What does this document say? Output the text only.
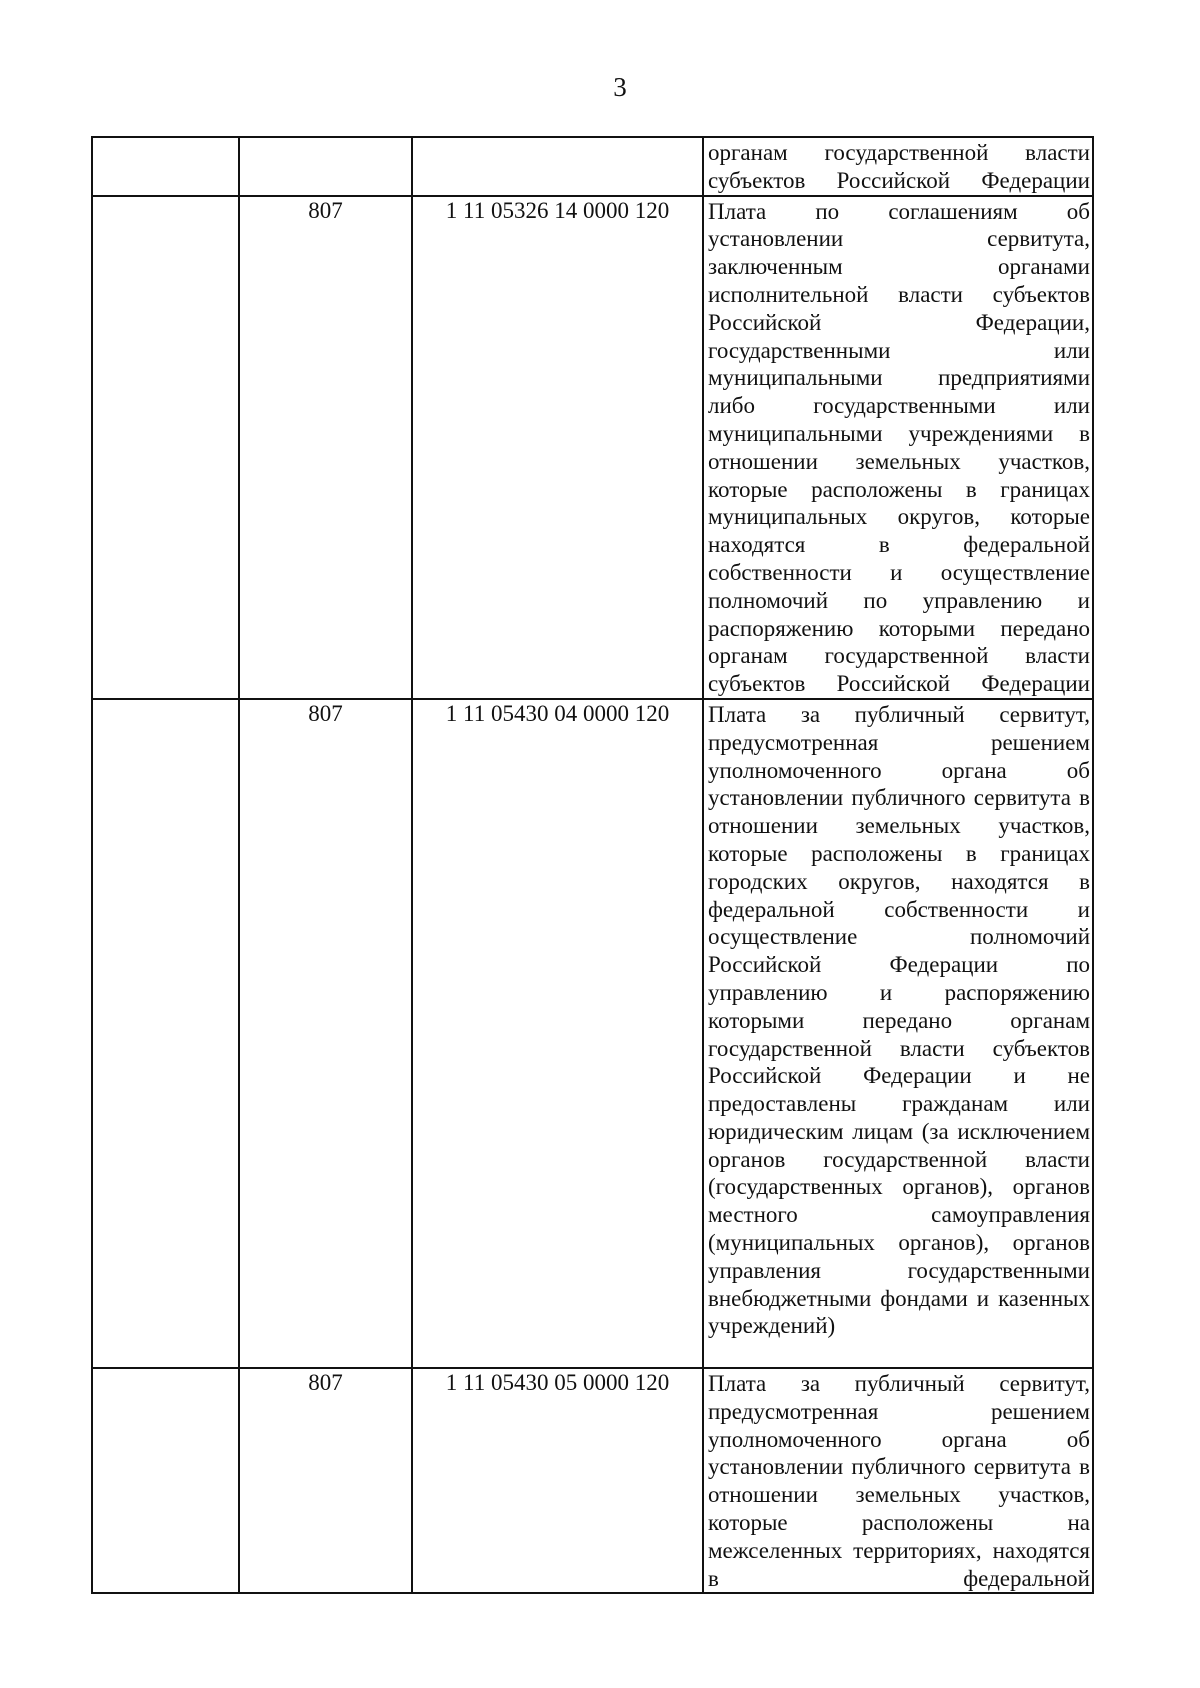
3

			органам государственной власти субъектов Российской Федерации

	807	1 11 05326 14 0000 120	Плата по соглашениям об установлении сервитута, заключенным органами исполнительной власти субъектов Российской Федерации, государственными или муниципальными предприятиями либо государственными или муниципальными учреждениями в отношении земельных участков, которые расположены в границах муниципальных округов, которые находятся в федеральной собственности и осуществление полномочий по управлению и распоряжению которыми передано органам государственной власти субъектов Российской Федерации

	807	1 11 05430 04 0000 120	Плата за публичный сервитут, предусмотренная решением уполномоченного органа об установлении публичного сервитута в отношении земельных участков, которые расположены в границах городских округов, находятся в федеральной собственности и осуществление полномочий Российской Федерации по управлению и распоряжению которыми передано органам государственной власти субъектов Российской Федерации и не предоставлены гражданам или юридическим лицам (за исключением органов государственной власти (государственных органов), органов местного самоуправления (муниципальных органов), органов управления государственными внебюджетными фондами и казенных учреждений)

	807	1 11 05430 05 0000 120	Плата за публичный сервитут, предусмотренная решением уполномоченного органа об установлении публичного сервитута в отношении земельных участков, которые расположены на межселенных территориях, находятся в федеральной
